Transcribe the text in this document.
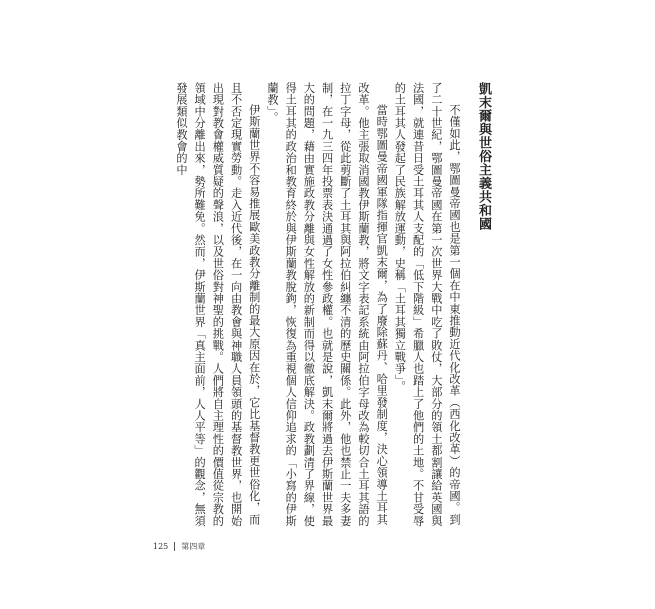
凱末爾與世俗主義共和國

不僅如此，鄂圖曼帝國也是第一個在中東推動近代化改革（西化改革）的帝國。到了二十世紀，鄂圖曼帝國在第一次世界大戰中吃了敗仗，大部分的領土都割讓給英國與法國，就連昔日受土耳其人支配的「低下階級」希臘人也踏上了他們的土地。不甘受辱的土耳其人發起了民族解放運動，史稱「土耳其獨立戰爭」。

當時鄂圖曼帝國軍隊指揮官凱末爾，為了廢除蘇丹、哈里發制度，決心領導土耳其改革。他主張取消國教伊斯蘭教，將文字表記系統由阿拉伯字母改為較切合土耳其語的拉丁字母，從此剪斷了土耳其與阿拉伯糾纏不清的歷史關係。此外，他也禁止一夫多妻制，在一九三四年投票表決通過了女性參政權。也就是說，凱末爾將過去伊斯蘭世界最大的問題，藉由實施政教分離與女性解放的新制而得以徹底解決。政教劃清了界線，使得土耳其的政治和教育終於與伊斯蘭教脫鉤，恢復為重視個人信仰追求的「小寫的伊斯蘭教」。

伊斯蘭世界不容易推展歐美政教分離制的最大原因在於，它比基督教更世俗化，而且不否定現實勞動。走入近代後，在一向由教會與神職人員領頭的基督教世界，也開始出現對教會權威質疑的聲浪，以及世俗對神聖的挑戰。人們將自主理性的價值從宗教的領域中分離出來，勢所難免。然而，伊斯蘭世界「真主面前，人人平等」的觀念，無須發展類似教會的中

125 第四章
